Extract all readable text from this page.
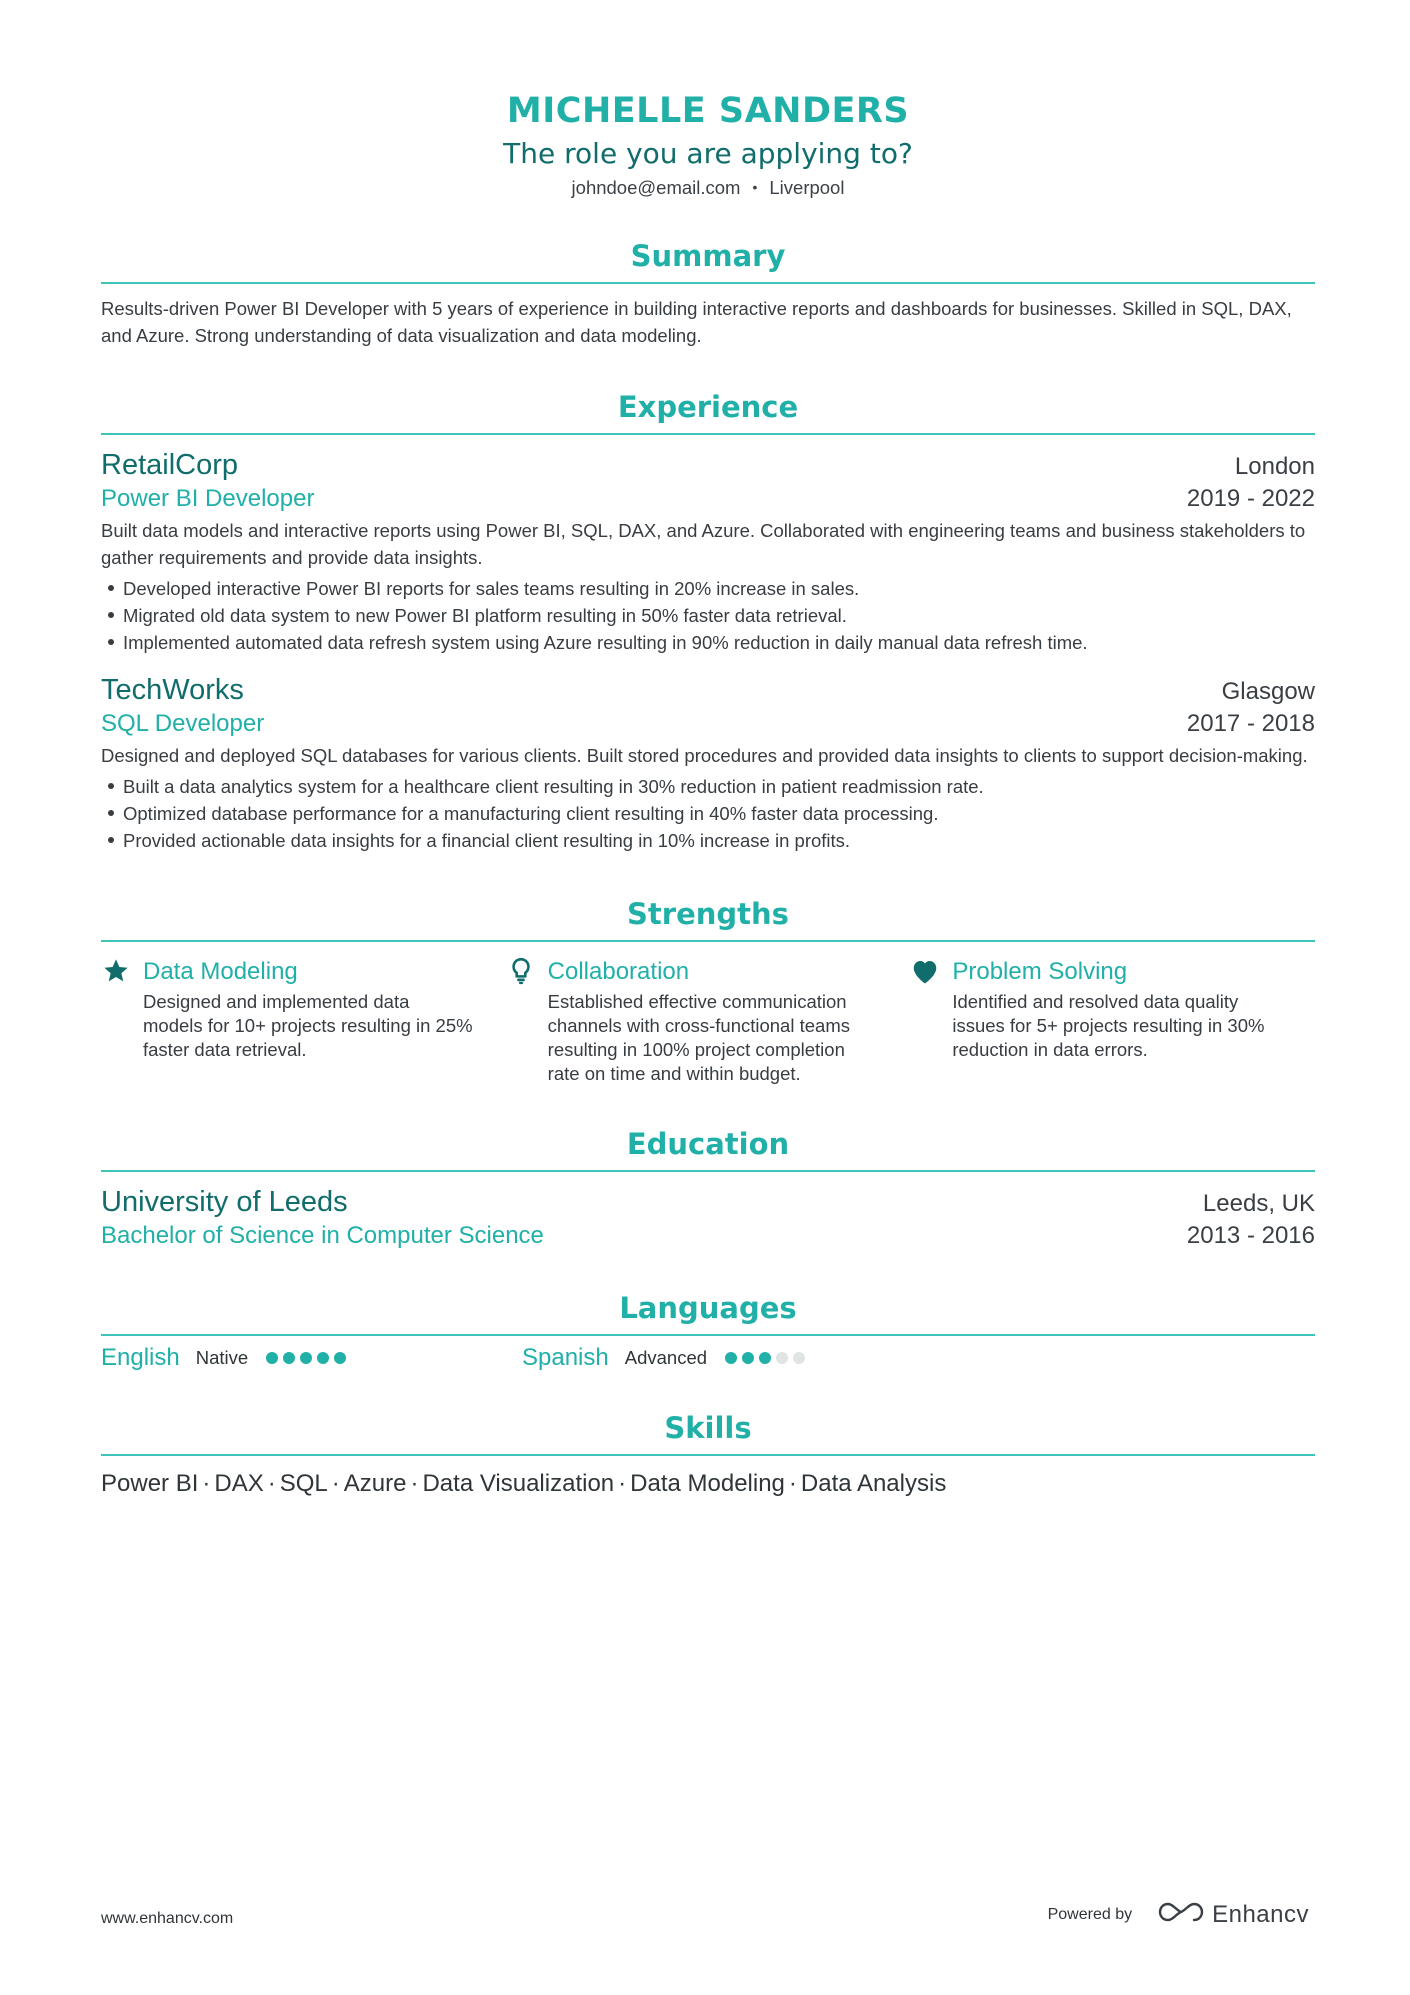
MICHELLE SANDERS
The role you are applying to?
johndoe@email.com • Liverpool
Summary

Results-driven Power BI Developer with 5 years of experience in building interactive reports and dashboards for businesses. Skilled in SQL, DAX, and Azure. Strong understanding of data visualization and data modeling.

Experience
RetailCorp	London
Power BI Developer	2019 - 2022

Built data models and interactive reports using Power BI, SQL, DAX, and Azure. Collaborated with engineering teams and business stakeholders to gather requirements and provide data insights.

Developed interactive Power BI reports for sales teams resulting in 20% increase in sales.
Migrated old data system to new Power BI platform resulting in 50% faster data retrieval.
Implemented automated data refresh system using Azure resulting in 90% reduction in daily manual data refresh time.
TechWorks	Glasgow
SQL Developer	2017 - 2018

Designed and deployed SQL databases for various clients. Built stored procedures and provided data insights to clients to support decision-making.

Built a data analytics system for a healthcare client resulting in 30% reduction in patient readmission rate.
Optimized database performance for a manufacturing client resulting in 40% faster data processing.
Provided actionable data insights for a financial client resulting in 10% increase in profits.
Strengths
Data Modeling
Designed and implemented data models for 10+ projects resulting in 25% faster data retrieval.
Collaboration
Established effective communication channels with cross-functional teams resulting in 100% project completion rate on time and within budget.
Problem Solving
Identified and resolved data quality issues for 5+ projects resulting in 30% reduction in data errors.
Education
University of Leeds	Leeds, UK
Bachelor of Science in Computer Science	2013 - 2016
Languages
English Native	Spanish Advanced
Skills
Power BI · DAX · SQL · Azure · Data Visualization · Data Modeling · Data Analysis
www.enhancv.com	Powered by	Enhancv
